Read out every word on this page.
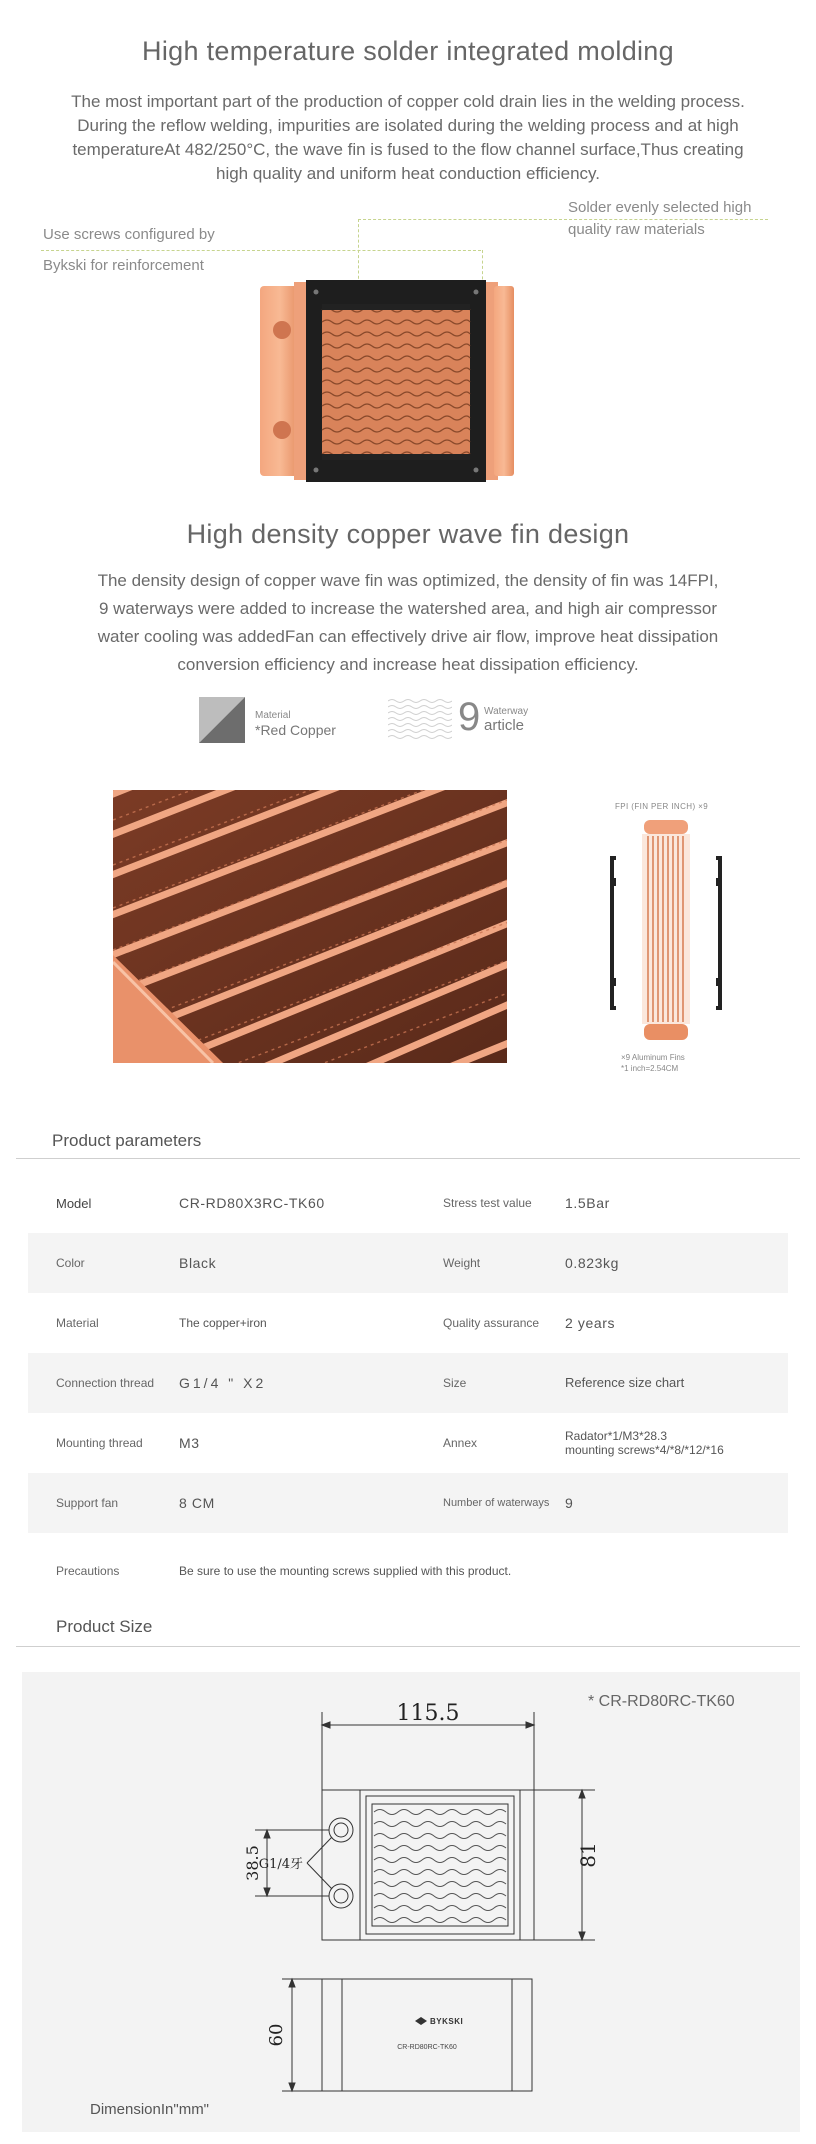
High temperature solder integrated molding
The most important part of the production of copper cold drain lies in the welding process.
During the reflow welding, impurities are isolated during the welding process and at high
temperatureAt 482/250°C, the wave fin is fused to the flow channel surface,Thus creating
high quality and uniform heat conduction efficiency.
Use screws configured by
Bykski for reinforcement
Solder evenly selected high
quality raw materials
High density copper wave fin design
The density design of copper wave fin was optimized, the density of fin was 14FPI,
9 waterways were added to increase the watershed area, and high air compressor
water cooling was addedFan can effectively drive air flow, improve heat dissipation
conversion efficiency and increase heat dissipation efficiency.
Material
*Red Copper	9 Waterway
article
FPI (FIN PER INCH) ×9
×9 Aluminum Fins
*1 inch=2.54CM
Product parameters
Model	CR-RD80X3RC-TK60	Stress test value 1.5Bar
Color	Black	Weight	0.823kg
Material	The copper+iron	Quality assurance 2 years
Connection thread G1/4 " X2	Size	Reference size chart
Mounting thread	M3	Annex	Radator*1/M3*28.3
mounting screws*4/*8/*12/*16
Support fan	8 CM	Number of waterways 9
Precautions	Be sure to use the mounting screws supplied with this product.
Product Size
* CR-RD80RC-TK60
115.5
81
38.5
G1/4牙
BYKSKI
CR-RD80RC-TK60
60
DimensionIn"mm"
